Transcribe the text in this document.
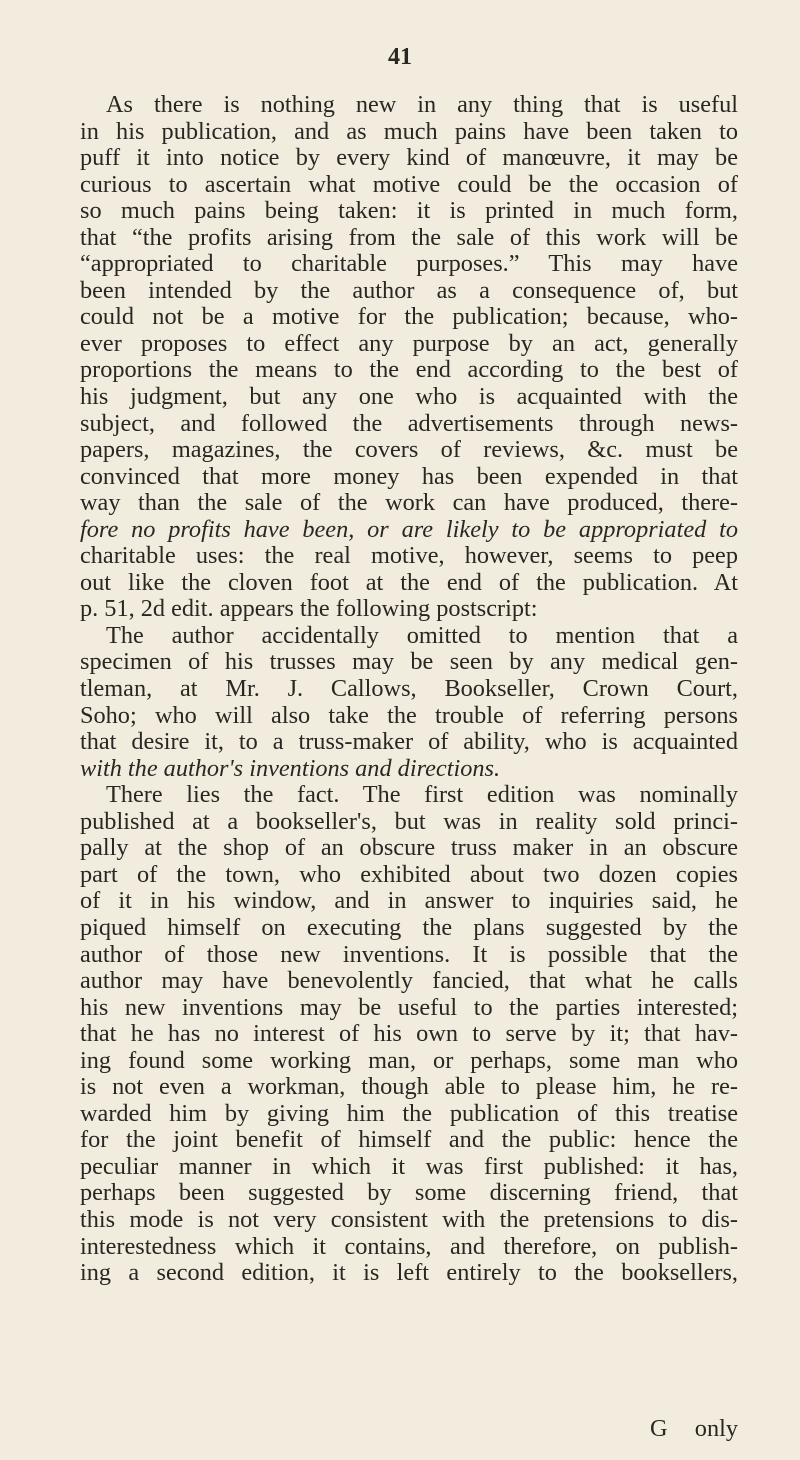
41
As there is nothing new in any thing that is useful
in his publication, and as much pains have been taken to
puff it into notice by every kind of manœuvre, it may be
curious to ascertain what motive could be the occasion of
so much pains being taken: it is printed in much form,
that “the profits arising from the sale of this work will be
“appropriated to charitable purposes.” This may have
been intended by the author as a consequence of, but
could not be a motive for the publication; because, who-
ever proposes to effect any purpose by an act, generally
proportions the means to the end according to the best of
his judgment, but any one who is acquainted with the
subject, and followed the advertisements through news-
papers, magazines, the covers of reviews, &c. must be
convinced that more money has been expended in that
way than the sale of the work can have produced, there-
fore no profits have been, or are likely to be appropriated to
charitable uses: the real motive, however, seems to peep
out like the cloven foot at the end of the publication. At
p. 51, 2d edit. appears the following postscript:
The author accidentally omitted to mention that a
specimen of his trusses may be seen by any medical gen-
tleman, at Mr. J. Callows, Bookseller, Crown Court,
Soho; who will also take the trouble of referring persons
that desire it, to a truss-maker of ability, who is acquainted
with the author's inventions and directions.
There lies the fact. The first edition was nominally
published at a bookseller's, but was in reality sold princi-
pally at the shop of an obscure truss maker in an obscure
part of the town, who exhibited about two dozen copies
of it in his window, and in answer to inquiries said, he
piqued himself on executing the plans suggested by the
author of those new inventions. It is possible that the
author may have benevolently fancied, that what he calls
his new inventions may be useful to the parties interested;
that he has no interest of his own to serve by it; that hav-
ing found some working man, or perhaps, some man who
is not even a workman, though able to please him, he re-
warded him by giving him the publication of this treatise
for the joint benefit of himself and the public: hence the
peculiar manner in which it was first published: it has,
perhaps been suggested by some discerning friend, that
this mode is not very consistent with the pretensions to dis-
interestedness which it contains, and therefore, on publish-
ing a second edition, it is left entirely to the booksellers,
G only
